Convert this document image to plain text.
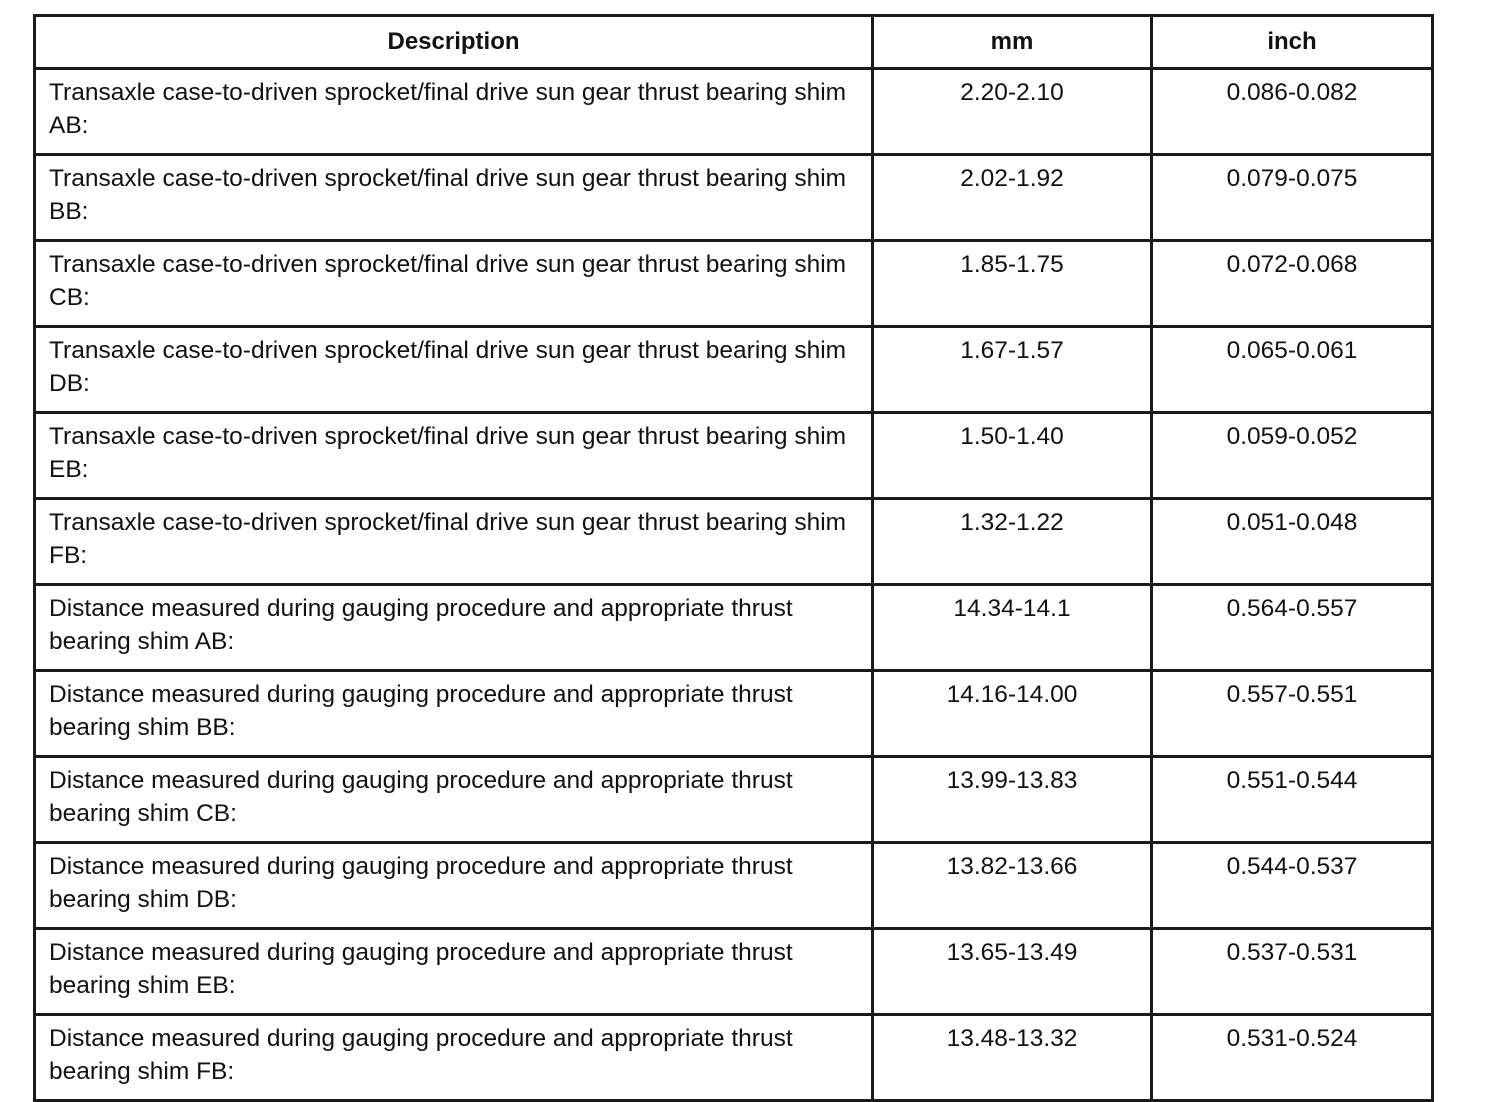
Description	mm	inch
Transaxle case-to-driven sprocket/final drive sun gear thrust bearing shim AB:	2.20-2.10	0.086-0.082
Transaxle case-to-driven sprocket/final drive sun gear thrust bearing shim BB:	2.02-1.92	0.079-0.075
Transaxle case-to-driven sprocket/final drive sun gear thrust bearing shim CB:	1.85-1.75	0.072-0.068
Transaxle case-to-driven sprocket/final drive sun gear thrust bearing shim DB:	1.67-1.57	0.065-0.061
Transaxle case-to-driven sprocket/final drive sun gear thrust bearing shim EB:	1.50-1.40	0.059-0.052
Transaxle case-to-driven sprocket/final drive sun gear thrust bearing shim FB:	1.32-1.22	0.051-0.048
Distance measured during gauging procedure and appropriate thrust bearing shim AB:	14.34-14.1	0.564-0.557
Distance measured during gauging procedure and appropriate thrust bearing shim BB:	14.16-14.00	0.557-0.551
Distance measured during gauging procedure and appropriate thrust bearing shim CB:	13.99-13.83	0.551-0.544
Distance measured during gauging procedure and appropriate thrust bearing shim DB:	13.82-13.66	0.544-0.537
Distance measured during gauging procedure and appropriate thrust bearing shim EB:	13.65-13.49	0.537-0.531
Distance measured during gauging procedure and appropriate thrust bearing shim FB:	13.48-13.32	0.531-0.524
